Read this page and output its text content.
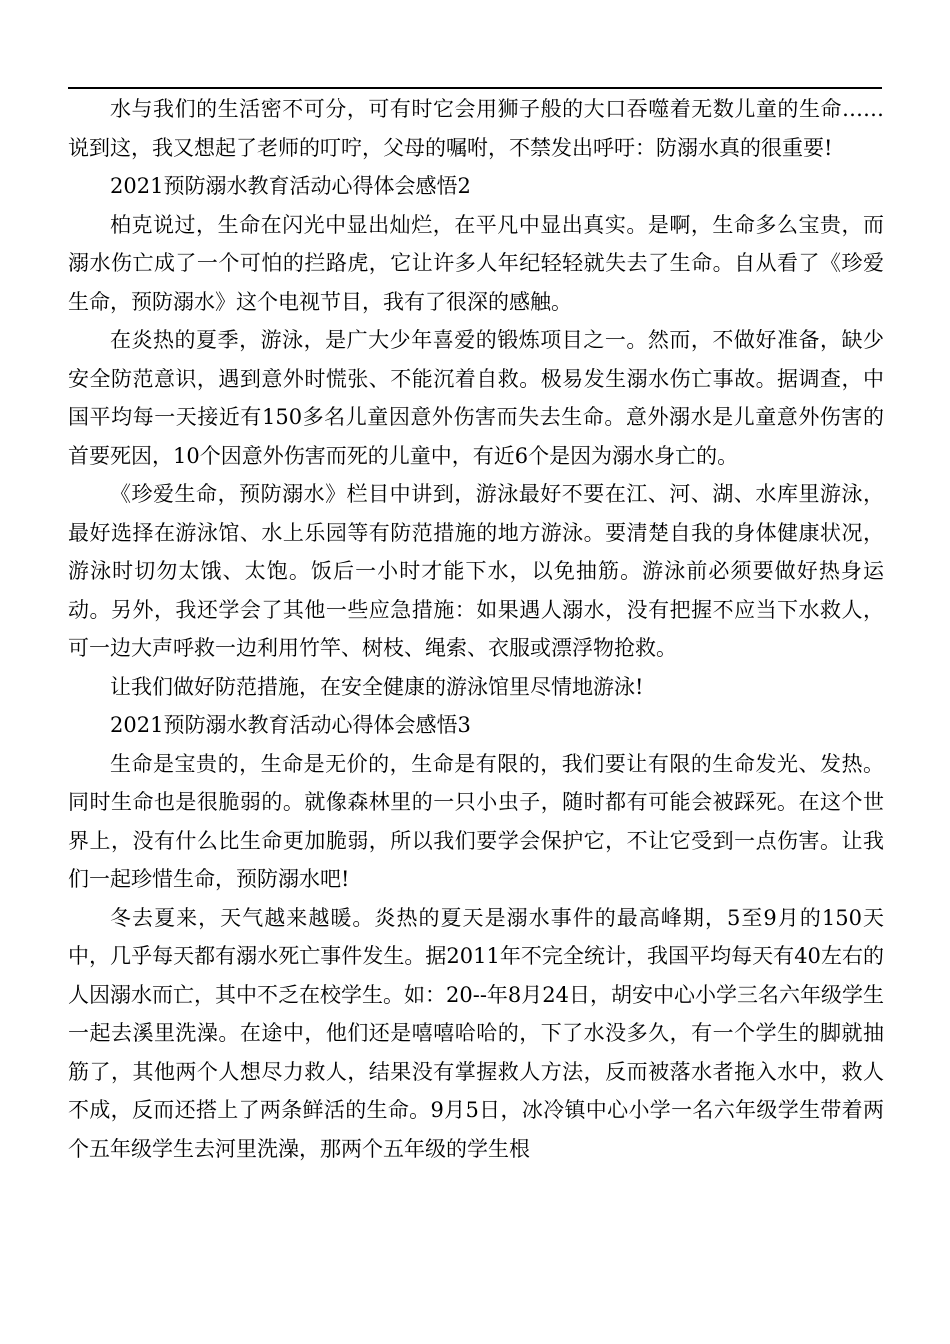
水与我们的生活密不可分，可有时它会用狮子般的大口吞噬着无数儿童的生命……说到这，我又想起了老师的叮咛，父母的嘱咐，不禁发出呼吁：防溺水真的很重要!

2021预防溺水教育活动心得体会感悟2

柏克说过，生命在闪光中显出灿烂，在平凡中显出真实。是啊，生命多么宝贵，而溺水伤亡成了一个可怕的拦路虎，它让许多人年纪轻轻就失去了生命。自从看了《珍爱生命，预防溺水》这个电视节目，我有了很深的感触。

在炎热的夏季，游泳，是广大少年喜爱的锻炼项目之一。然而，不做好准备，缺少安全防范意识，遇到意外时慌张、不能沉着自救。极易发生溺水伤亡事故。据调查，中国平均每一天接近有150多名儿童因意外伤害而失去生命。意外溺水是儿童意外伤害的首要死因，10个因意外伤害而死的儿童中，有近6个是因为溺水身亡的。

《珍爱生命，预防溺水》栏目中讲到，游泳最好不要在江、河、湖、水库里游泳，最好选择在游泳馆、水上乐园等有防范措施的地方游泳。要清楚自我的身体健康状况，游泳时切勿太饿、太饱。饭后一小时才能下水，以免抽筋。游泳前必须要做好热身运动。另外，我还学会了其他一些应急措施：如果遇人溺水，没有把握不应当下水救人，可一边大声呼救一边利用竹竿、树枝、绳索、衣服或漂浮物抢救。

让我们做好防范措施，在安全健康的游泳馆里尽情地游泳!

2021预防溺水教育活动心得体会感悟3

生命是宝贵的，生命是无价的，生命是有限的，我们要让有限的生命发光、发热。同时生命也是很脆弱的。就像森林里的一只小虫子，随时都有可能会被踩死。在这个世界上，没有什么比生命更加脆弱，所以我们要学会保护它，不让它受到一点伤害。让我们一起珍惜生命，预防溺水吧!

冬去夏来，天气越来越暖。炎热的夏天是溺水事件的最高峰期，5至9月的150天中，几乎每天都有溺水死亡事件发生。据2011年不完全统计，我国平均每天有40左右的人因溺水而亡，其中不乏在校学生。如：20--年8月24日，胡安中心小学三名六年级学生一起去溪里洗澡。在途中，他们还是嘻嘻哈哈的，下了水没多久，有一个学生的脚就抽筋了，其他两个人想尽力救人，结果没有掌握救人方法，反而被落水者拖入水中，救人不成，反而还搭上了两条鲜活的生命。9月5日，冰冷镇中心小学一名六年级学生带着两个五年级学生去河里洗澡，那两个五年级的学生根
